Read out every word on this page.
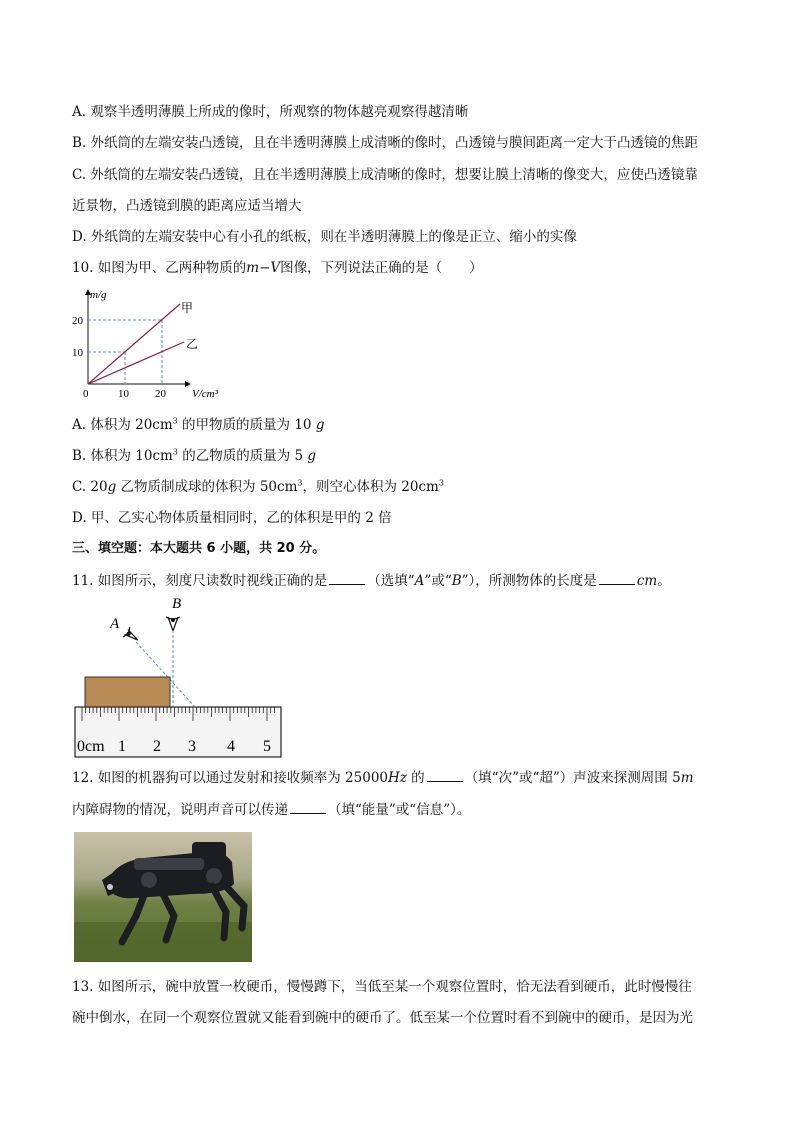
A. 观察半透明薄膜上所成的像时，所观察的物体越亮观察得越清晰
B. 外纸筒的左端安装凸透镜，且在半透明薄膜上成清晰的像时，凸透镜与膜间距离一定大于凸透镜的焦距
C. 外纸筒的左端安装凸透镜，且在半透明薄膜上成清晰的像时，想要让膜上清晰的像变大，应使凸透镜靠
近景物，凸透镜到膜的距离应适当增大
D. 外纸筒的左端安装中心有小孔的纸板，则在半透明薄膜上的像是正立、缩小的实像
10. 如图为甲、乙两种物质的m−V图像，下列说法正确的是（　　）
m/g
V/cm³
0	10 20
20
10
甲
乙
A. 体积为 $20cm^3$ 的甲物质的质量为 10 g
B. 体积为 $10cm^3$ 的乙物质的质量为 5 g
C. 20g 乙物质制成球的体积为 $50cm^3$，则空心体积为 $20cm^3$
D. 甲、乙实心物体质量相同时，乙的体积是甲的 2 倍
三、填空题：本大题共 6 小题，共 20 分。
11. 如图所示，刻度尺读数时视线正确的是	（选填“A”或“B”），所测物体的长度是	cm。
A
B
0cm 1 2 3 4 5
12. 如图的机器狗可以通过发射和接收频率为 25000Hz 的	（填“次”或“超”）声波来探测周围 5m
内障碍物的情况，说明声音可以传递	（填“能量”或“信息”）。
13. 如图所示，碗中放置一枚硬币，慢慢蹲下，当低至某一个观察位置时，恰无法看到硬币，此时慢慢往
碗中倒水，在同一个观察位置就又能看到碗中的硬币了。低至某一个位置时看不到碗中的硬币，是因为光
